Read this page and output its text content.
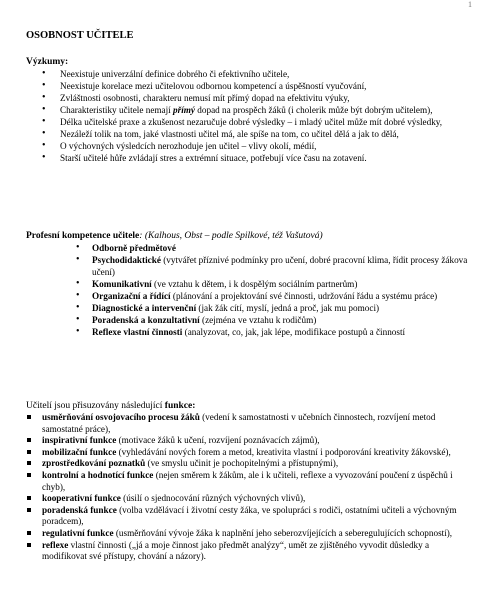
1
OSOBNOST UČITELE
Výzkumy:
• Neexistuje univerzální definice dobrého či efektivního učitele,
• Neexistuje korelace mezi učitelovou odbornou kompetencí a úspěšností vyučování,
• Zvláštnosti osobnosti, charakteru nemusí mít přímý dopad na efektivitu výuky,
• Charakteristiky učitele nemají přímý dopad na prospěch žáků (i cholerik může být dobrým učitelem),
• Délka učitelské praxe a zkušenost nezaručuje dobré výsledky – i mladý učitel může mít dobré výsledky,
• Nezáleží tolik na tom, jaké vlastnosti učitel má, ale spíše na tom, co učitel dělá a jak to dělá,
• O výchovných výsledcích nerozhoduje jen učitel – vlivy okolí, médií,
• Starší učitelé hůře zvládají stres a extrémní situace, potřebují více času na zotavení.
Profesní kompetence učitele: (Kalhous, Obst – podle Spilkové, též Vašutová)
• Odborně předmětové
• Psychodidaktické (vytvářet příznivé podmínky pro učení, dobré pracovní klima, řídit procesy žákova učení)
• Komunikativní (ve vztahu k dětem, i k dospělým sociálním partnerům)
• Organizační a řídící (plánování a projektování své činnosti, udržování řádu a systému práce)
• Diagnostické a intervenční (jak žák cítí, myslí, jedná a proč, jak mu pomoci)
• Poradenská a konzultativní (zejména ve vztahu k rodičům)
• Reflexe vlastní činnosti (analyzovat, co, jak, jak lépe, modifikace postupů a činností
Učitelí jsou přisuzovány následující funkce:
usměrňování osvojovacího procesu žáků (vedení k samostatnosti v učebních činnostech, rozvíjení metod samostatné práce),
inspirativní funkce (motivace žáků k učení, rozvíjení poznávacích zájmů),
mobilizační funkce (vyhledávání nových forem a metod, kreativita vlastní i podporování kreativity žákovské),
zprostředkování poznatků (ve smyslu učinit je pochopitelnými a přístupnými),
kontrolní a hodnotící funkce (nejen směrem k žákům, ale i k učiteli, reflexe a vyvozování poučení z úspěchů i chyb),
kooperativní funkce (úsilí o sjednocování různých výchovných vlivů),
poradenská funkce (volba vzdělávací i životní cesty žáka, ve spolupráci s rodiči, ostatními učiteli a výchovným poradcem),
regulativní funkce (usměrňování vývoje žáka k naplnění jeho seberozvíjejících a seberegulujících schopností),
reflexe vlastní činnosti („já a moje činnost jako předmět analýzy“, umět ze zjištěného vyvodit důsledky a modifikovat své přístupy, chování a názory).
